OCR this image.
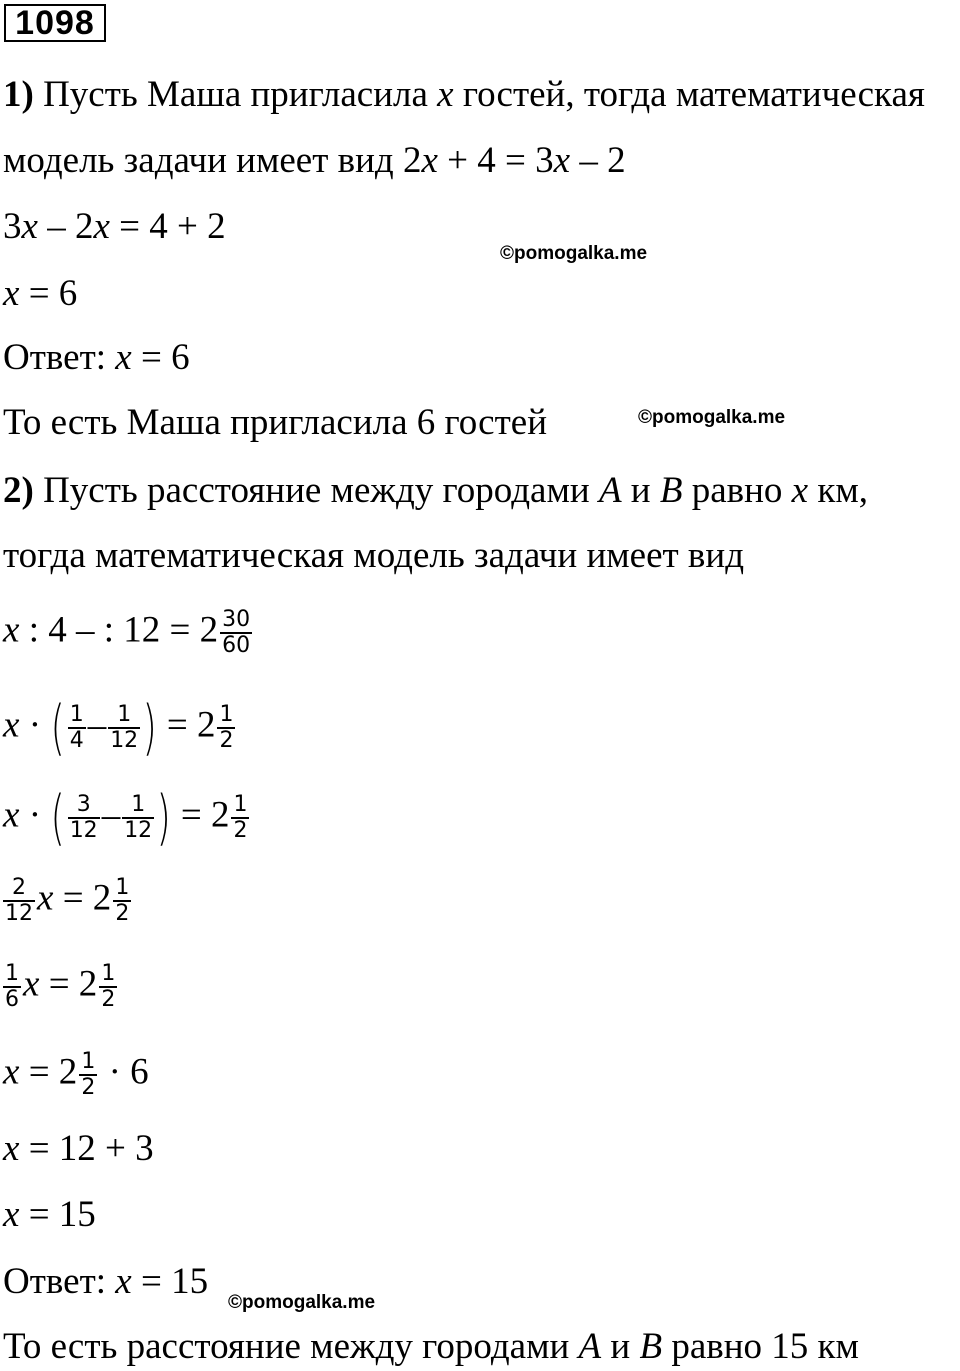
1098
1) Пусть Маша пригласила x гостей, тогда математическая
модель задачи имеет вид 2x + 4 = 3x – 2
3x – 2x = 4 + 2
©pomogalka.me
x = 6
Ответ: x = 6
То есть Маша пригласила 6 гостей	©pomogalka.me
2) Пусть расстояние между городами A и B равно x км,
тогда математическая модель задачи имеет вид
x : 4 – : $12 = 2 \frac{30}{60}$
x · ( $\frac{1}{4} - \frac{1}{12}$ ) = $2 \frac{1}{2}$
x · ( $\frac{3}{12} - \frac{1}{12}$ ) = $2 \frac{1}{2}$
$\frac{2}{12}$ $x = 2 \frac{1}{2}$
$\frac{1}{6}$ $x = 2 \frac{1}{2}$
$x = 2 \frac{1}{2} \cdot 6$
x = 12 + 3
x = 15
Ответ: x = 15
©pomogalka.me
То есть расстояние между городами A и B равно 15 км
